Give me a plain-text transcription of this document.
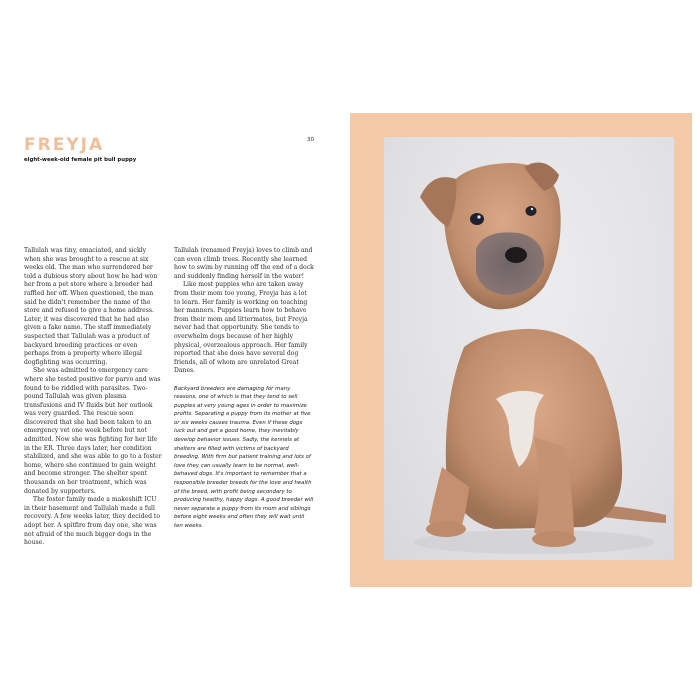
FREYJA
eight-week-old female pit bull puppy
30

Tallulah was tiny, emaciated, and sickly when she was brought to a rescue at six weeks old. The man who surrendered her told a dubious story about how he had won her from a pet store where a breeder had raffled her off. When questioned, the man said he didn't remember the name of the store and refused to give a home address. Later, it was discovered that he had also given a fake name. The staff immediately suspected that Tallulah was a product of backyard breeding practices or even perhaps from a property where illegal dogfighting was occurring.

She was admitted to emergency care where she tested positive for parvo and was found to be riddled with parasites. Two-pound Tallulah was given plasma transfusions and IV fluids but her outlook was very guarded. The rescue soon discovered that she had been taken to an emergency vet one week before but not admitted. Now she was fighting for her life in the ER. Three days later, her condition stabilized, and she was able to go to a foster home, where she continued to gain weight and become stronger. The shelter spent thousands on her treatment, which was donated by supporters.

The foster family made a makeshift ICU in their basement and Tallulah made a full recovery. A few weeks later, they decided to adopt her. A spitfire from day one, she was not afraid of the much bigger dogs in the house.

Tallulah (renamed Freyja) loves to climb and can even climb trees. Recently she learned how to swim by running off the end of a dock and suddenly finding herself in the water!

Like most puppies who are taken away from their mom too young, Freyja has a lot to learn. Her family is working on teaching her manners. Puppies learn how to behave from their mom and littermates, but Freyja never had that opportunity. She tends to overwhelm dogs because of her highly physical, overzealous approach. Her family reported that she does have several dog friends, all of whom are unrelated Great Danes.

Backyard breeders are damaging for many reasons, one of which is that they tend to sell puppies at very young ages in order to maximize profits. Separating a puppy from its mother at five or six weeks causes trauma. Even if these dogs luck out and get a good home, they inevitably develop behavior issues. Sadly, the kennels at shelters are filled with victims of backyard breeding. With firm but patient training and lots of love they can usually learn to be normal, well-behaved dogs. It's important to remember that a responsible breeder breeds for the love and health of the breed, with profit being secondary to producing healthy, happy dogs. A good breeder will never separate a puppy from its mom and siblings before eight weeks and often they will wait until ten weeks.
